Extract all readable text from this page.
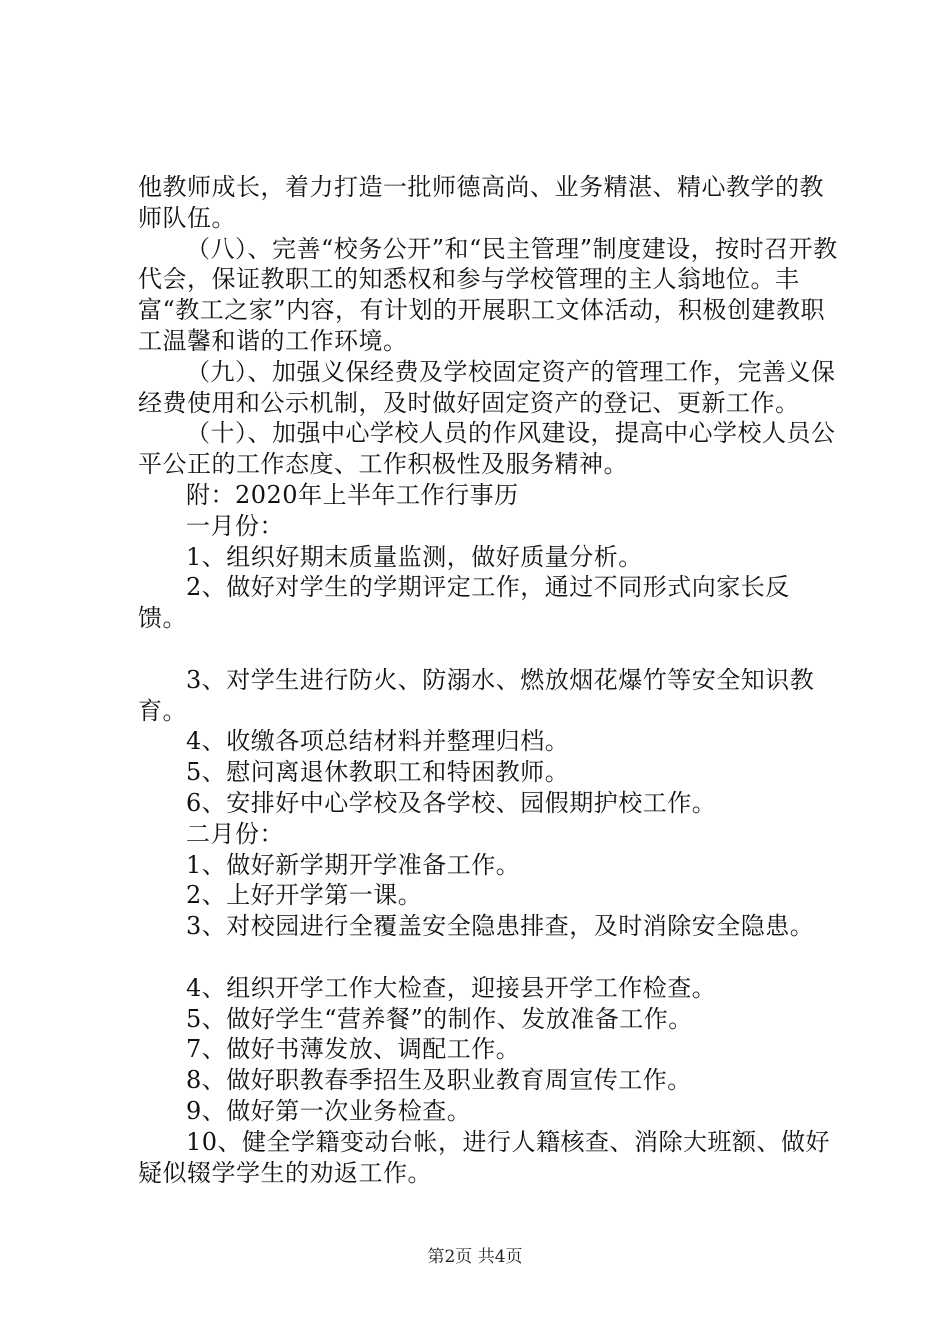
他教师成长，着力打造一批师德高尚、业务精湛、精心教学的教师队伍。

（八）、完善“校务公开”和“民主管理”制度建设，按时召开教代会，保证教职工的知悉权和参与学校管理的主人翁地位。丰富“教工之家”内容，有计划的开展职工文体活动，积极创建教职工温馨和谐的工作环境。

（九）、加强义保经费及学校固定资产的管理工作，完善义保经费使用和公示机制，及时做好固定资产的登记、更新工作。

（十）、加强中心学校人员的作风建设，提高中心学校人员公平公正的工作态度、工作积极性及服务精神。

附：2020年上半年工作行事历

一月份：

1、组织好期末质量监测，做好质量分析。

2、做好对学生的学期评定工作，通过不同形式向家长反馈。

3、对学生进行防火、防溺水、燃放烟花爆竹等安全知识教育。

4、收缴各项总结材料并整理归档。

5、慰问离退休教职工和特困教师。

6、安排好中心学校及各学校、园假期护校工作。

二月份：

1、做好新学期开学准备工作。

2、上好开学第一课。

3、对校园进行全覆盖安全隐患排查，及时消除安全隐患。

4、组织开学工作大检查，迎接县开学工作检查。

5、做好学生“营养餐”的制作、发放准备工作。

7、做好书薄发放、调配工作。

8、做好职教春季招生及职业教育周宣传工作。

9、做好第一次业务检查。

10、健全学籍变动台帐，进行人籍核查、消除大班额、做好疑似辍学学生的劝返工作。

第2页 共4页
